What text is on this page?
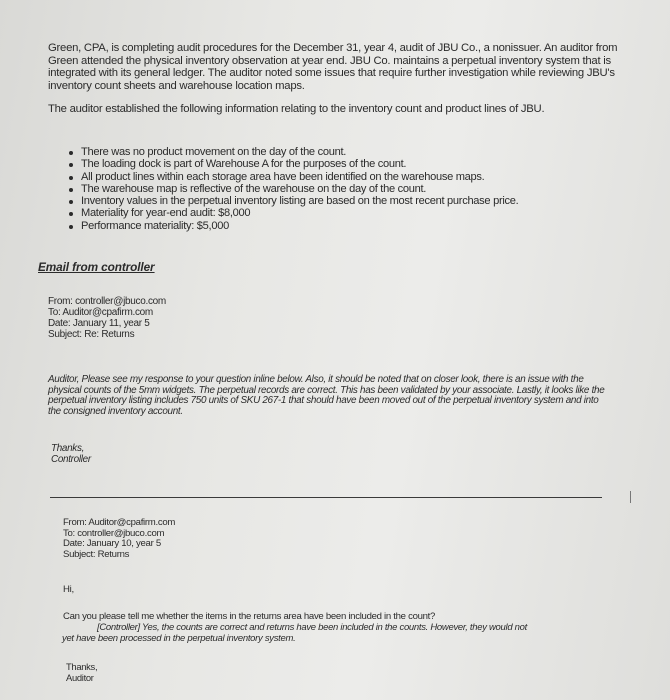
Green, CPA, is completing audit procedures for the December 31, year 4, audit of JBU Co., a nonissuer. An auditor from Green attended the physical inventory observation at year end. JBU Co. maintains a perpetual inventory system that is integrated with its general ledger. The auditor noted some issues that require further investigation while reviewing JBU's inventory count sheets and warehouse location maps.

The auditor established the following information relating to the inventory count and product lines of JBU.

There was no product movement on the day of the count.
The loading dock is part of Warehouse A for the purposes of the count.
All product lines within each storage area have been identified on the warehouse maps.
The warehouse map is reflective of the warehouse on the day of the count.
Inventory values in the perpetual inventory listing are based on the most recent purchase price.
Materiality for year-end audit: $8,000
Performance materiality: $5,000
Email from controller
From: controller@jbuco.com
To: Auditor@cpafirm.com
Date: January 11, year 5
Subject: Re: Returns
Auditor, Please see my response to your question inline below. Also, it should be noted that on closer look, there is an issue with the physical counts of the 5mm widgets. The perpetual records are correct. This has been validated by your associate. Lastly, it looks like the perpetual inventory listing includes 750 units of SKU 267-1 that should have been moved out of the perpetual inventory system and into the consigned inventory account.
Thanks,
Controller
From: Auditor@cpafirm.com
To: controller@jbuco.com
Date: January 10, year 5
Subject: Returns
Hi,
Can you please tell me whether the items in the returns area have been included in the count?
[Controller] Yes, the counts are correct and returns have been included in the counts. However, they would not
yet have been processed in the perpetual inventory system.
Thanks,
Auditor
